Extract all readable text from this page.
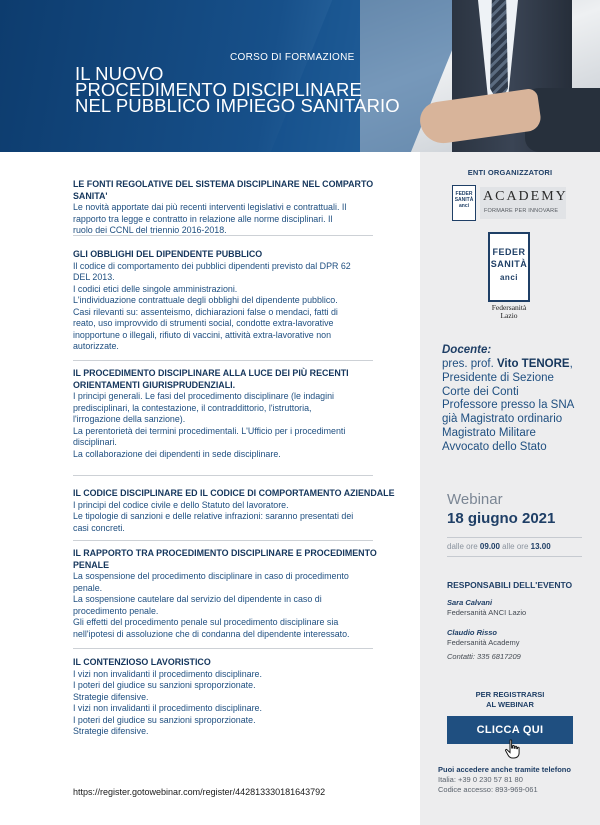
CORSO DI FORMAZIONE
IL NUOVO
PROCEDIMENTO DISCIPLINARE
NEL PUBBLICO IMPIEGO SANITARIO

LE FONTI REGOLATIVE DEL SISTEMA DISCIPLINARE NEL COMPARTO SANITA'

Le novità apportate dai più recenti interventi legislativi e contrattuali. Il

rapporto tra legge e contratto in relazione alle norme disciplinari. Il

ruolo dei CCNL del triennio 2016-2018.

GLI OBBLIGHI DEL DIPENDENTE PUBBLICO

Il codice di comportamento dei pubblici dipendenti previsto dal DPR 62

DEL 2013.

I codici etici delle singole amministrazioni.

L'individuazione contrattuale degli obblighi del dipendente pubblico.

Casi rilevanti su: assenteismo, dichiarazioni false o mendaci, fatti di

reato, uso improvvido di strumenti social, condotte extra-lavorative

inopportune o illegali, rifiuto di vaccini, attività extra-lavorative non

autorizzate.

IL PROCEDIMENTO DISCIPLINARE ALLA LUCE DEI PIÙ RECENTI

ORIENTAMENTI GIURISPRUDENZIALI.

I principi generali. Le fasi del procedimento disciplinare (le indagini

predisciplinari, la contestazione, il contraddittorio, l'istruttoria,

l'irrogazione della sanzione).

La perentorietà dei termini procedimentali. L'Ufficio per i procedimenti

disciplinari.

La collaborazione dei dipendenti in sede disciplinare.

IL CODICE DISCIPLINARE ED IL CODICE DI COMPORTAMENTO AZIENDALE

I principi del codice civile e dello Statuto del lavoratore.

Le tipologie di sanzioni e delle relative infrazioni: saranno presentati dei

casi concreti.

IL RAPPORTO TRA PROCEDIMENTO DISCIPLINARE E PROCEDIMENTO

PENALE

La sospensione del procedimento disciplinare in caso di procedimento

penale.

La sospensione cautelare dal servizio del dipendente in caso di

procedimento penale.

Gli effetti del procedimento penale sul procedimento disciplinare sia

nell'ipotesi di assoluzione che di condanna del dipendente interessato.

IL CONTENZIOSO LAVORISTICO

I vizi non invalidanti il procedimento disciplinare.

I poteri del giudice su sanzioni sproporzionate.

Strategie difensive.

I vizi non invalidanti il procedimento disciplinare.

I poteri del giudice su sanzioni sproporzionate.

Strategie difensive.

https://register.gotowebinar.com/register/442813330181643792
ENTI ORGANIZZATORI
FEDER
SANITÀ
anci
ACADEMY
FORMARE PER INNOVARE
FEDER
SANITÀ
anci
Federsanità
Lazio
Docente:
pres. prof. Vito TENORE,
Presidente di Sezione
Corte dei Conti
Professore presso la SNA
già Magistrato ordinario
Magistrato Militare
Avvocato dello Stato
Webinar
18 giugno 2021
dalle ore 09.00 alle ore 13.00
RESPONSABILI DELL'EVENTO
Sara Calvani
Federsanità ANCI Lazio
Claudio Risso
Federsanità Academy
Contatti: 335 6817209
PER REGISTRARSI
AL WEBINAR
CLICCA QUI
Puoi accedere anche tramite telefono
Italia: +39 0 230 57 81 80
Codice accesso: 893-969-061
